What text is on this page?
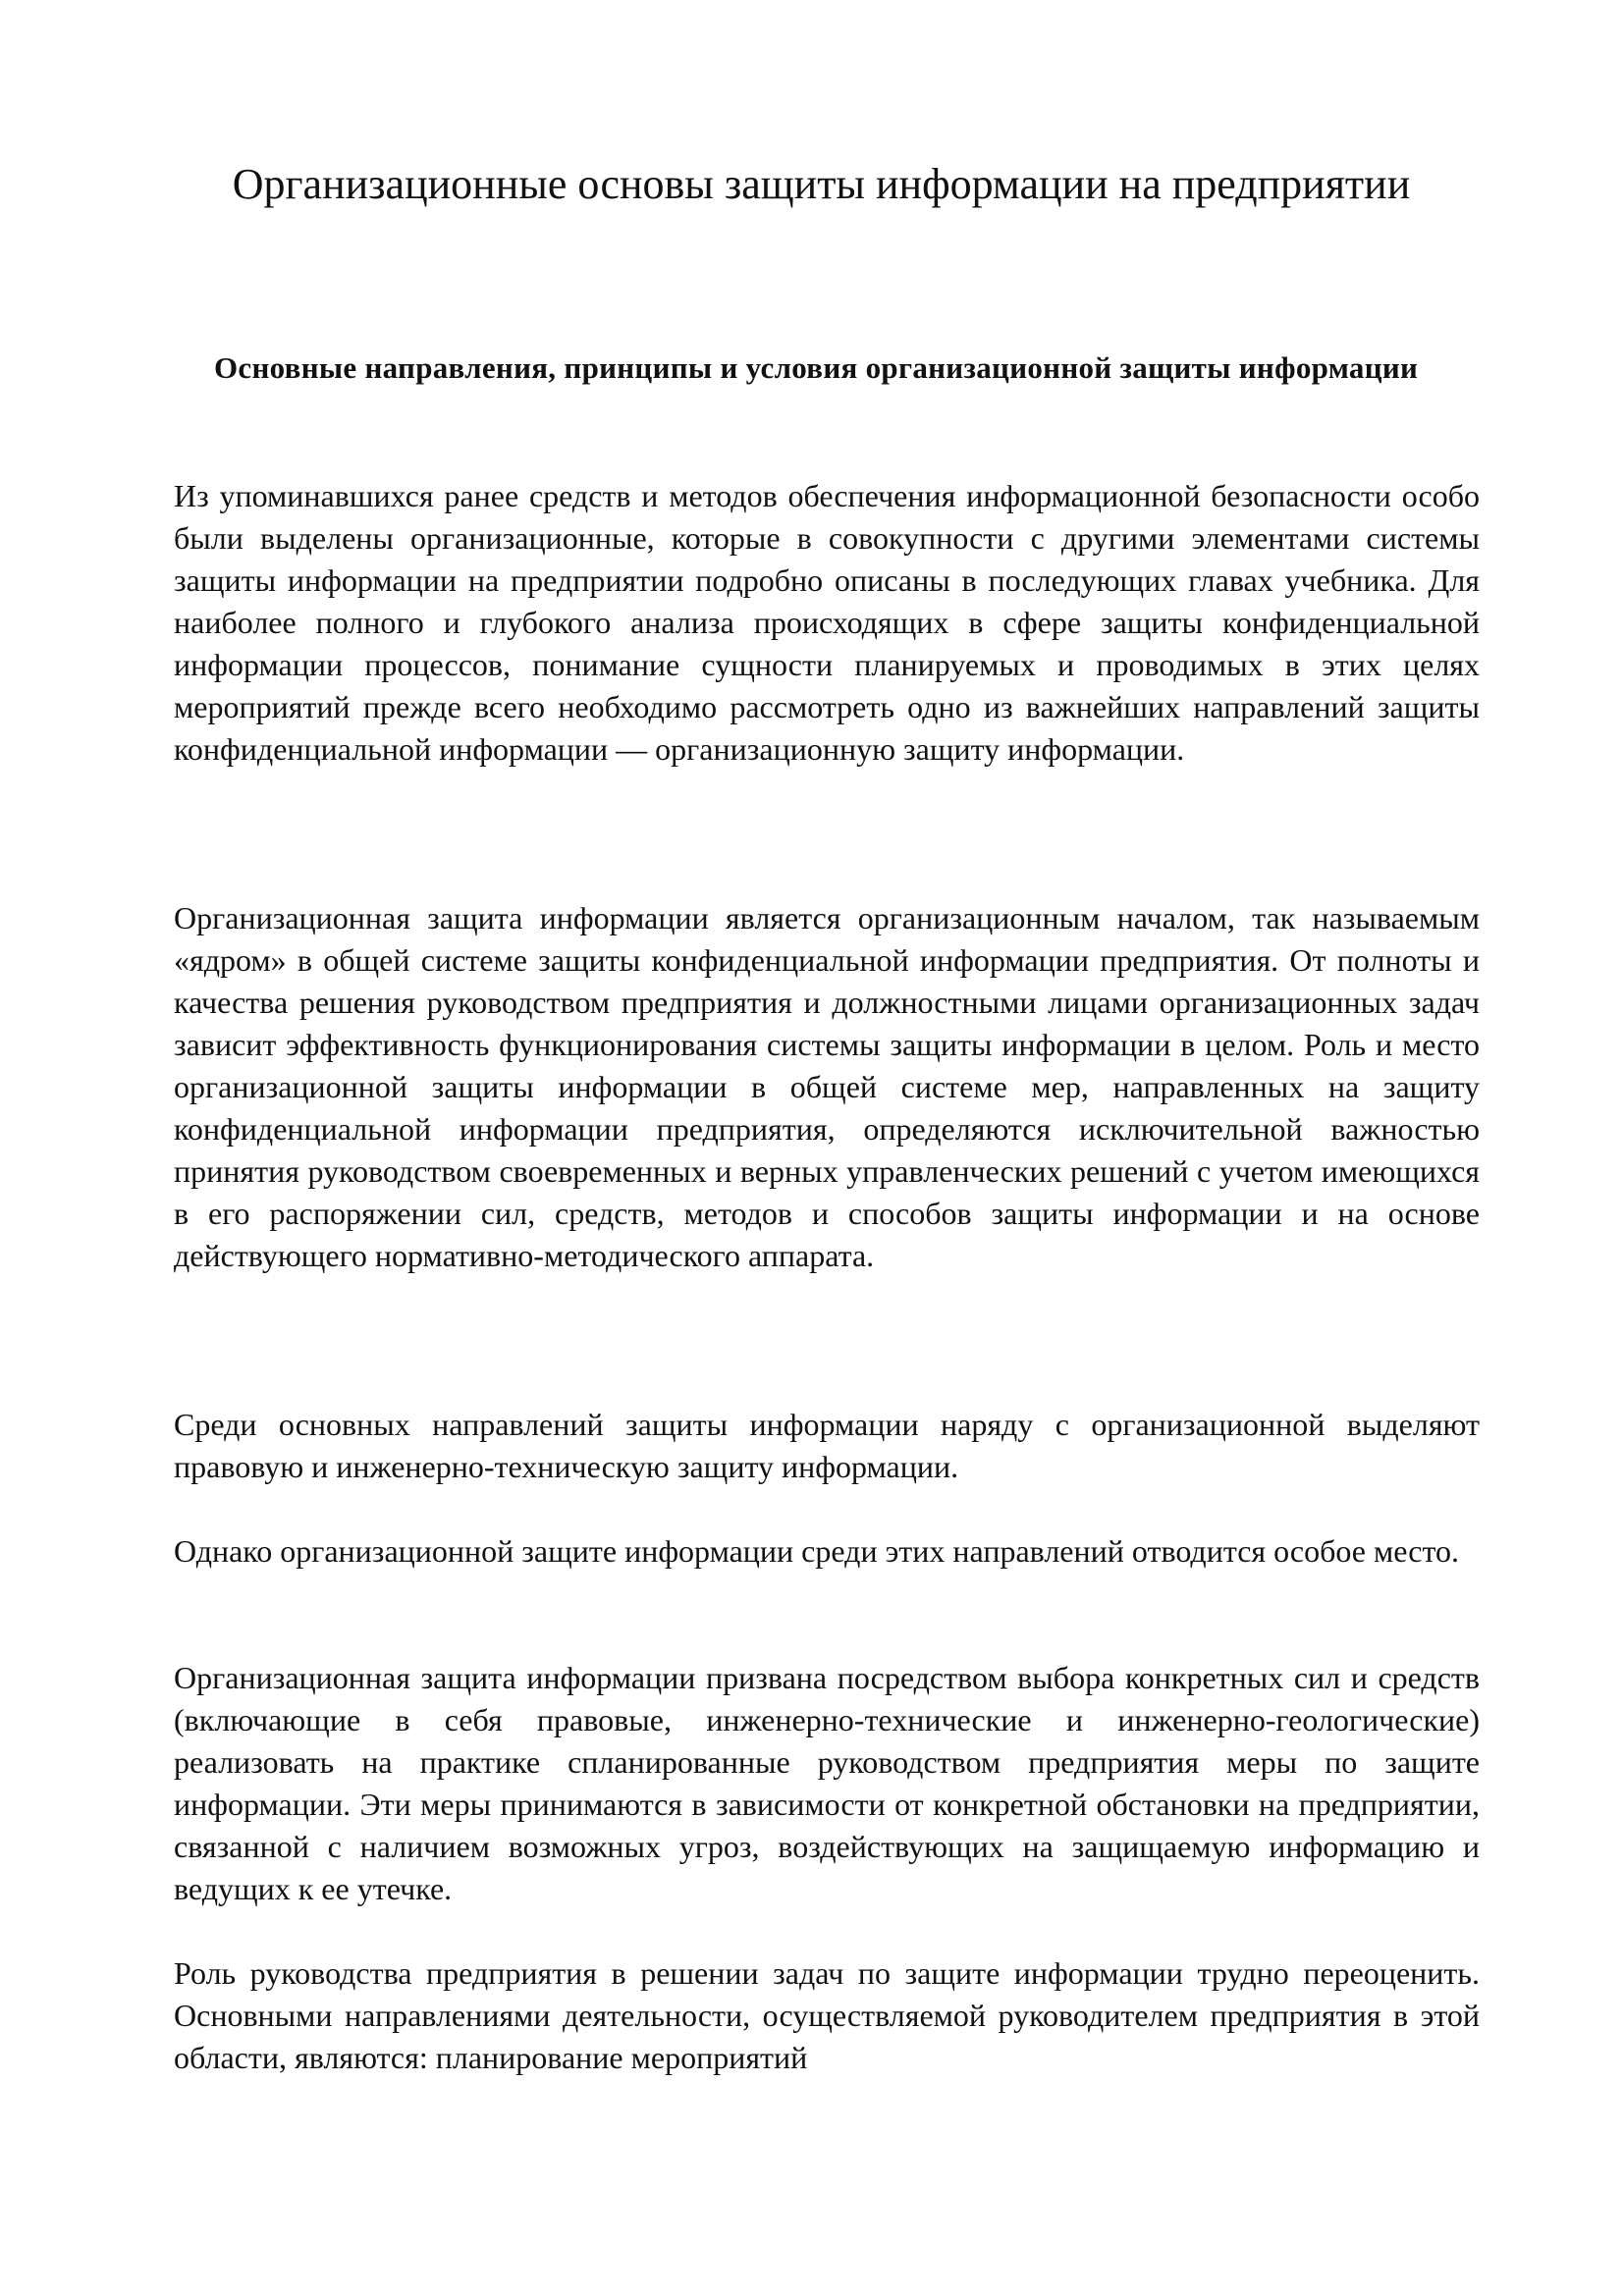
Организационные основы защиты информации на предприятии
Основные направления, принципы и условия организационной защиты информации

Из упоминавшихся ранее средств и методов обеспечения информационной безопасности особо были выделены организационные, которые в совокупности с другими элементами системы защиты информации на предприятии подробно описаны в последующих главах учебника. Для наиболее полного и глубокого анализа происходящих в сфере защиты конфиденциальной информации процессов, понимание сущности планируемых и проводимых в этих целях мероприятий прежде всего необходимо рассмотреть одно из важнейших направлений защиты конфиденциальной информации — организационную защиту информации.

Организационная защита информации является организационным началом, так называемым «ядром» в общей системе защиты конфиденциальной информации предприятия. От полноты и качества решения руководством предприятия и должностными лицами организационных задач зависит эффективность функционирования системы защиты информации в целом. Роль и место организационной защиты информации в общей системе мер, направленных на защиту конфиденциальной информации предприятия, определяются исключительной важностью принятия руководством своевременных и верных управленческих решений с учетом имеющихся в его распоряжении сил, средств, методов и способов защиты информации и на основе действующего нормативно-методического аппарата.

Среди основных направлений защиты информации наряду с организационной выделяют правовую и инженерно-техническую защиту информации.

Однако организационной защите информации среди этих направлений отводится особое место.

Организационная защита информации призвана посредством выбора конкретных сил и средств (включающие в себя правовые, инженерно-технические и инженерно-геологические) реализовать на практике спланированные руководством предприятия меры по защите информации. Эти меры принимаются в зависимости от конкретной обстановки на предприятии, связанной с наличием возможных угроз, воздействующих на защищаемую информацию и ведущих к ее утечке.

Роль руководства предприятия в решении задач по защите информации трудно переоценить. Основными направлениями деятельности, осуществляемой руководителем предприятия в этой области, являются: планирование мероприятий
